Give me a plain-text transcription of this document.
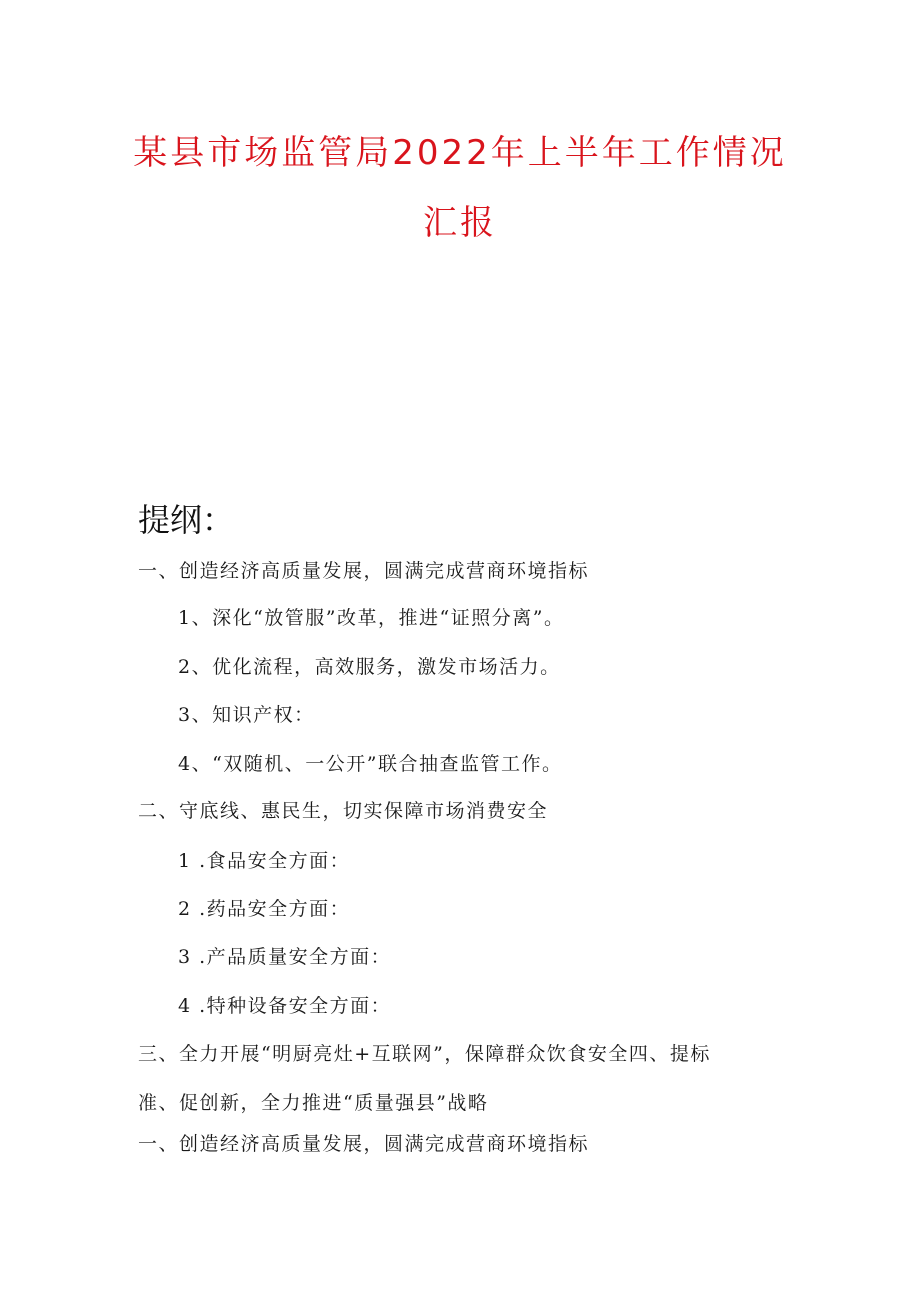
某县市场监管局2022年上半年工作情况
汇报
提纲：

一、创造经济高质量发展，圆满完成营商环境指标

1、深化“放管服”改革，推进“证照分离”。

2、优化流程，高效服务，激发市场活力。

3、知识产权：

4、“双随机、一公开”联合抽查监管工作。

二、守底线、惠民生，切实保障市场消费安全

1 .食品安全方面：

2 .药品安全方面：

3 .产品质量安全方面：

4 .特种设备安全方面：

三、全力开展“明厨亮灶+互联网”，保障群众饮食安全四、提标

准、促创新，全力推进“质量强县”战略

一、创造经济高质量发展，圆满完成营商环境指标
